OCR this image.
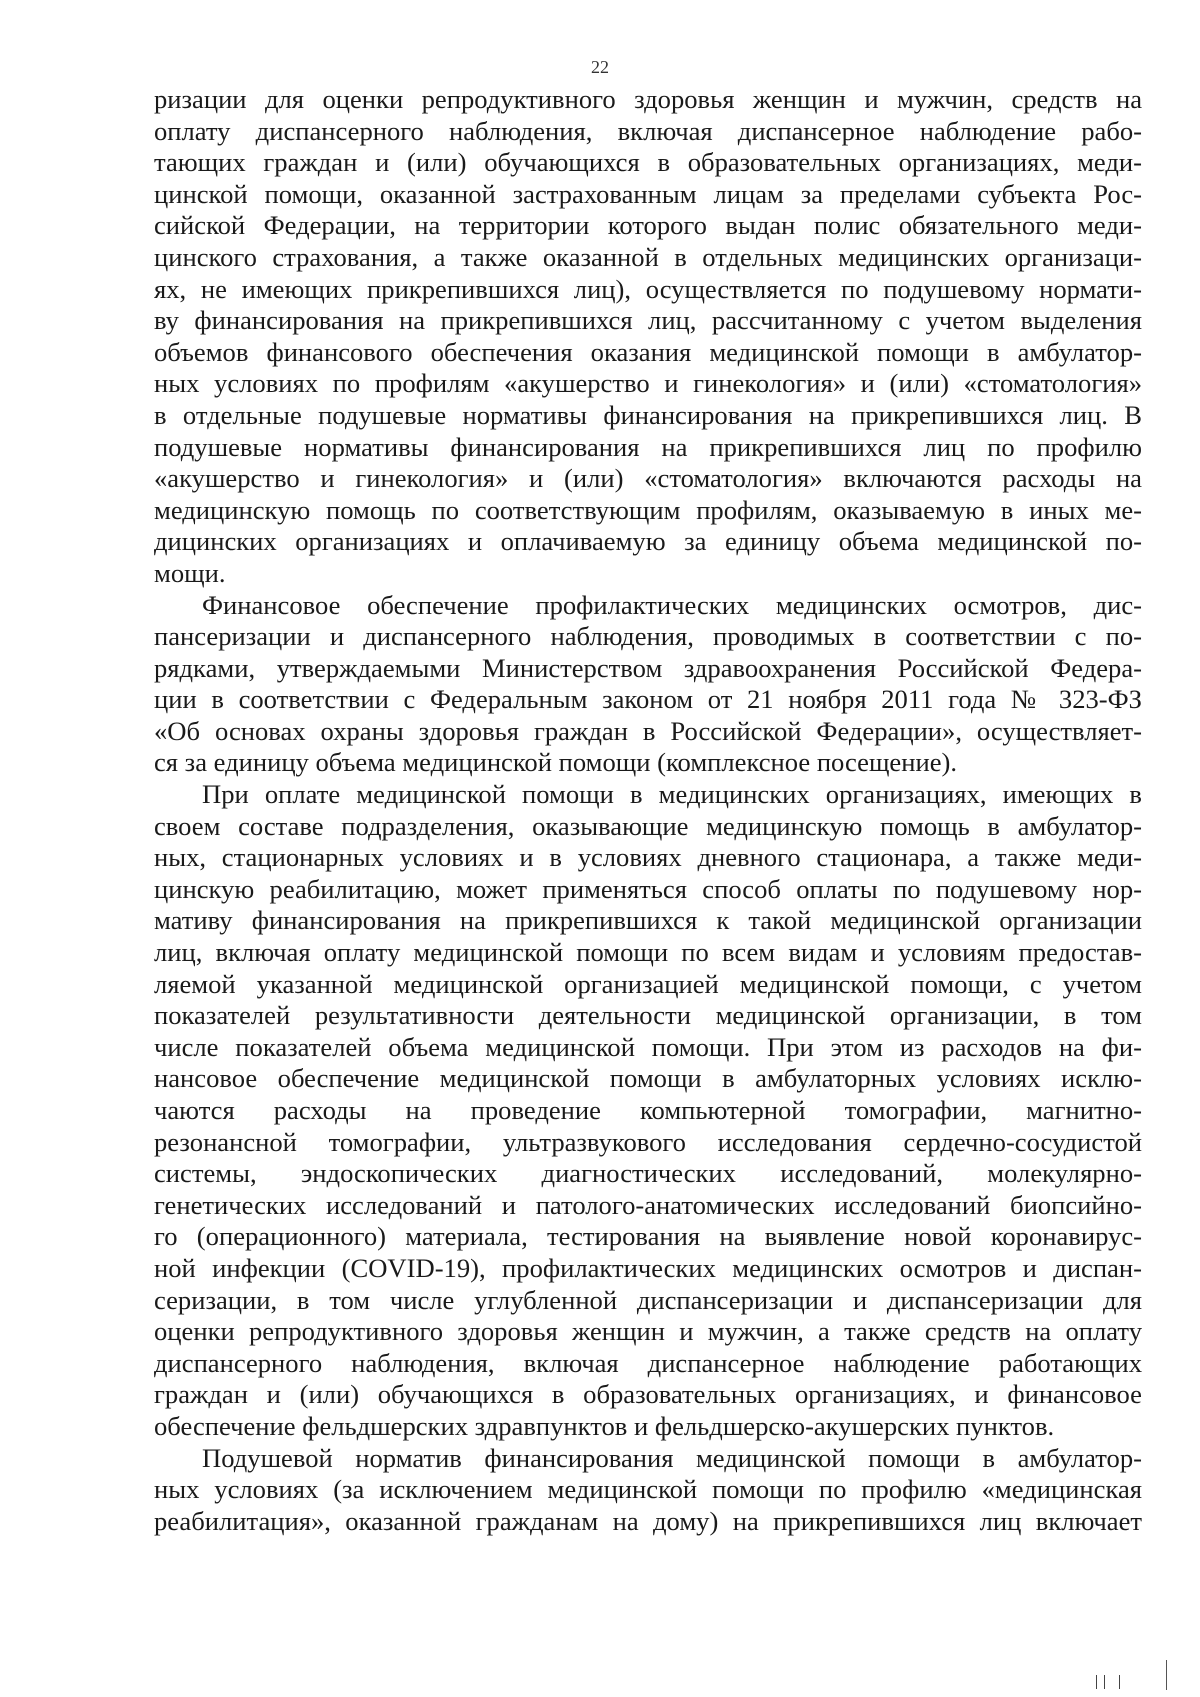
22
ризации для оценки репродуктивного здоровья женщин и мужчин, средств на
оплату диспансерного наблюдения, включая диспансерное наблюдение рабо-
тающих граждан и (или) обучающихся в образовательных организациях, меди-
цинской помощи, оказанной застрахованным лицам за пределами субъекта Рос-
сийской Федерации, на территории которого выдан полис обязательного меди-
цинского страхования, а также оказанной в отдельных медицинских организаци-
ях, не имеющих прикрепившихся лиц), осуществляется по подушевому нормати-
ву финансирования на прикрепившихся лиц, рассчитанному с учетом выделения
объемов финансового обеспечения оказания медицинской помощи в амбулатор-
ных условиях по профилям «акушерство и гинекология» и (или) «стоматология»
в отдельные подушевые нормативы финансирования на прикрепившихся лиц. В
подушевые нормативы финансирования на прикрепившихся лиц по профилю
«акушерство и гинекология» и (или) «стоматология» включаются расходы на
медицинскую помощь по соответствующим профилям, оказываемую в иных ме-
дицинских организациях и оплачиваемую за единицу объема медицинской по-
мощи.
Финансовое обеспечение профилактических медицинских осмотров, дис-
пансеризации и диспансерного наблюдения, проводимых в соответствии с по-
рядками, утверждаемыми Министерством здравоохранения Российской Федера-
ции в соответствии с Федеральным законом от 21 ноября 2011 года № 323-ФЗ
«Об основах охраны здоровья граждан в Российской Федерации», осуществляет-
ся за единицу объема медицинской помощи (комплексное посещение).
При оплате медицинской помощи в медицинских организациях, имеющих в
своем составе подразделения, оказывающие медицинскую помощь в амбулатор-
ных, стационарных условиях и в условиях дневного стационара, а также меди-
цинскую реабилитацию, может применяться способ оплаты по подушевому нор-
мативу финансирования на прикрепившихся к такой медицинской организации
лиц, включая оплату медицинской помощи по всем видам и условиям предостав-
ляемой указанной медицинской организацией медицинской помощи, с учетом
показателей результативности деятельности медицинской организации, в том
числе показателей объема медицинской помощи. При этом из расходов на фи-
нансовое обеспечение медицинской помощи в амбулаторных условиях исклю-
чаются расходы на проведение компьютерной томографии, магнитно-
резонансной томографии, ультразвукового исследования сердечно-сосудистой
системы, эндоскопических диагностических исследований, молекулярно-
генетических исследований и патолого-анатомических исследований биопсийно-
го (операционного) материала, тестирования на выявление новой коронавирус-
ной инфекции (COVID-19), профилактических медицинских осмотров и диспан-
серизации, в том числе углубленной диспансеризации и диспансеризации для
оценки репродуктивного здоровья женщин и мужчин, а также средств на оплату
диспансерного наблюдения, включая диспансерное наблюдение работающих
граждан и (или) обучающихся в образовательных организациях, и финансовое
обеспечение фельдшерских здравпунктов и фельдшерско-акушерских пунктов.
Подушевой норматив финансирования медицинской помощи в амбулатор-
ных условиях (за исключением медицинской помощи по профилю «медицинская
реабилитация», оказанной гражданам на дому) на прикрепившихся лиц включает
